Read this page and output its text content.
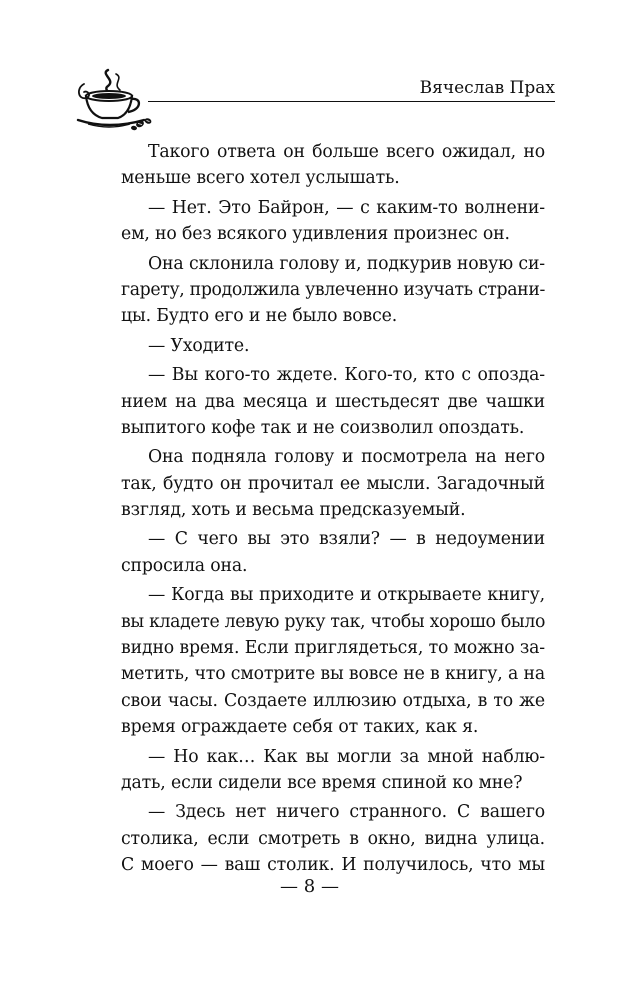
Вячеслав Прах
Такого ответа он больше всего ожидал, но
меньше всего хотел услышать.
— Нет. Это Байрон, — с каким-то волнени-
ем, но без всякого удивления произнес он.
Она склонила голову и, подкурив новую си-
гарету, продолжила увлеченно изучать страни-
цы. Будто его и не было вовсе.
— Уходите.
— Вы кого-то ждете. Кого-то, кто с опозда-
нием на два месяца и шестьдесят две чашки
выпитого кофе так и не соизволил опоздать.
Она подняла голову и посмотрела на него
так, будто он прочитал ее мысли. Загадочный
взгляд, хоть и весьма предсказуемый.
— С чего вы это взяли? — в недоумении
спросила она.
— Когда вы приходите и открываете книгу,
вы кладете левую руку так, чтобы хорошо было
видно время. Если приглядеться, то можно за-
метить, что смотрите вы вовсе не в книгу, а на
свои часы. Создаете иллюзию отдыха, в то же
время ограждаете себя от таких, как я.
— Но как… Как вы могли за мной наблю-
дать, если сидели все время спиной ко мне?
— Здесь нет ничего странного. С вашего
столика, если смотреть в окно, видна улица.
С моего — ваш столик. И получилось, что мы
— 8 —
